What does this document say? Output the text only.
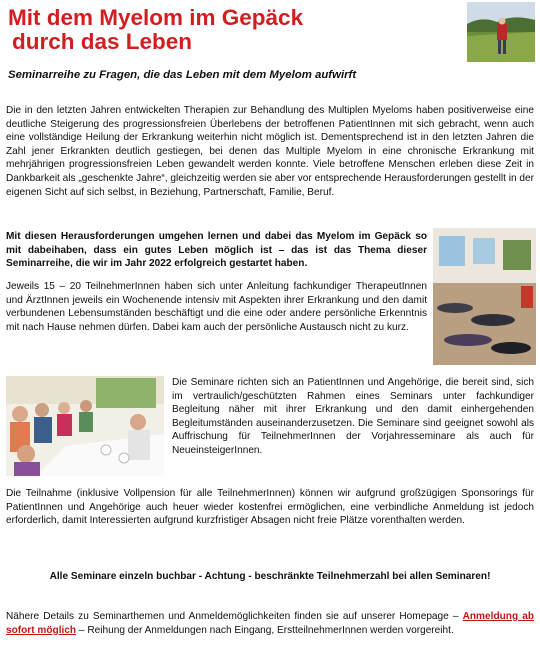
Mit dem Myelom im Gepäck
durch das Leben

Seminarreihe zu Fragen, die das Leben mit dem Myelom aufwirft

Die in den letzten Jahren entwickelten Therapien zur Behandlung des Multiplen Myeloms haben positiverweise eine deutliche Steigerung des progressionsfreien Überlebens der betroffenen PatientInnen mit sich gebracht, wenn auch eine vollständige Heilung der Erkrankung weiterhin nicht möglich ist. Dementsprechend ist in den letzten Jahren die Zahl jener Erkrankten deutlich gestiegen, bei denen das Multiple Myelom in eine chronische Erkrankung mit mehrjährigen progressionsfreien Leben gewandelt werden konnte. Viele betroffene Menschen erleben diese Zeit in Dankbarkeit als „geschenkte Jahre“, gleichzeitig werden sie aber vor entsprechende Herausforderungen gestellt in der eigenen Sicht auf sich selbst, in Beziehung, Partnerschaft, Familie, Beruf.

Mit diesen Herausforderungen umgehen lernen und dabei das Myelom im Gepäck so mit dabeihaben, dass ein gutes Leben möglich ist – das ist das Thema dieser Seminarreihe, die wir im Jahr 2022 erfolgreich gestartet haben.

Jeweils 15 – 20 TeilnehmerInnen haben sich unter Anleitung fachkundiger TherapeutInnen und ÄrztInnen jeweils ein Wochenende intensiv mit Aspekten ihrer Erkrankung und den damit verbundenen Lebensumständen beschäftigt und die eine oder andere persönliche Erkenntnis mit nach Hause nehmen dürfen. Dabei kam auch der persönliche Austausch nicht zu kurz.

Die Seminare richten sich an PatientInnen und Angehörige, die bereit sind, sich im vertraulich/geschützten Rahmen eines Seminars unter fachkundiger Begleitung näher mit ihrer Erkrankung und den damit einhergehenden Begleitumständen auseinanderzusetzen. Die Seminare sind geeignet sowohl als Auffrischung für TeilnehmerInnen der Vorjahresseminare als auch für NeueinsteigerInnen.

Die Teilnahme (inklusive Vollpension für alle TeilnehmerInnen) können wir aufgrund großzügigen Sponsorings für PatientInnen und Angehörige auch heuer wieder kostenfrei ermöglichen, eine verbindliche Anmeldung ist jedoch erforderlich, damit Interessierten aufgrund kurzfristiger Absagen nicht freie Plätze vorenthalten werden.

Alle Seminare einzeln buchbar - Achtung - beschränkte Teilnehmerzahl bei allen Seminaren!

Nähere Details zu Seminarthemen und Anmeldemöglichkeiten finden sie auf unserer Homepage – Anmeldung ab sofort möglich – Reihung der Anmeldungen nach Eingang, ErstteilnehmerInnen werden vorgereiht.
